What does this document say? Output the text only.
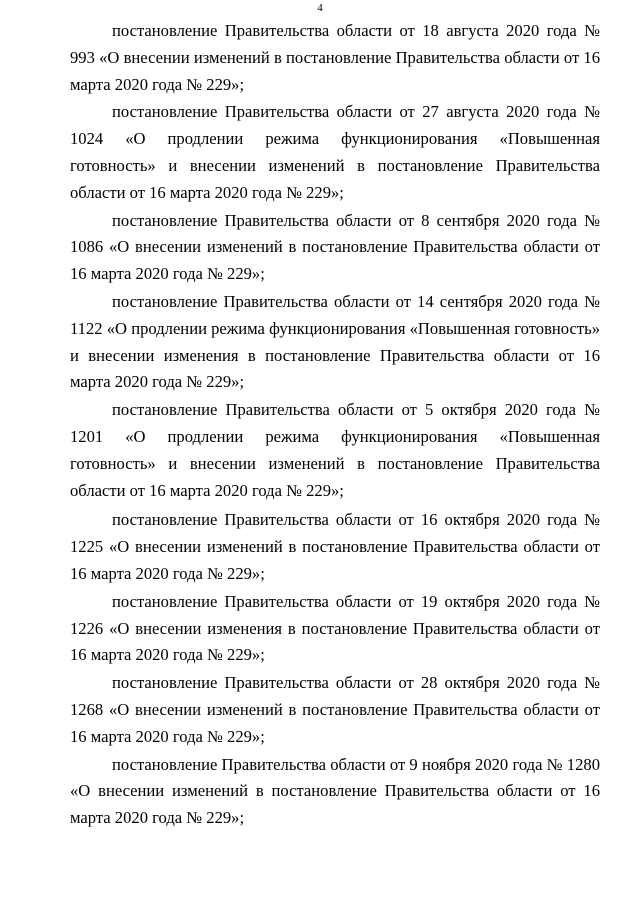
4

постановление Правительства области от 18 августа 2020 года № 993 «О внесении изменений в постановление Правительства области от 16 марта 2020 года № 229»;

постановление Правительства области от 27 августа 2020 года № 1024 «О продлении режима функционирования «Повышенная готовность» и внесении изменений в постановление Правительства области от 16 марта 2020 года № 229»;

постановление Правительства области от 8 сентября 2020 года № 1086 «О внесении изменений в постановление Правительства области от 16 марта 2020 года № 229»;

постановление Правительства области от 14 сентября 2020 года № 1122 «О продлении режима функционирования «Повышенная готовность» и внесении изменения в постановление Правительства области от 16 марта 2020 года № 229»;

постановление Правительства области от 5 октября 2020 года № 1201 «О продлении режима функционирования «Повышенная готовность» и внесении изменений в постановление Правительства области от 16 марта 2020 года № 229»;

постановление Правительства области от 16 октября 2020 года № 1225 «О внесении изменений в постановление Правительства области от 16 марта 2020 года № 229»;

постановление Правительства области от 19 октября 2020 года № 1226 «О внесении изменения в постановление Правительства области от 16 марта 2020 года № 229»;

постановление Правительства области от 28 октября 2020 года № 1268 «О внесении изменений в постановление Правительства области от 16 марта 2020 года № 229»;

постановление Правительства области от 9 ноября 2020 года № 1280 «О внесении изменений в постановление Правительства области от 16 марта 2020 года № 229»;
